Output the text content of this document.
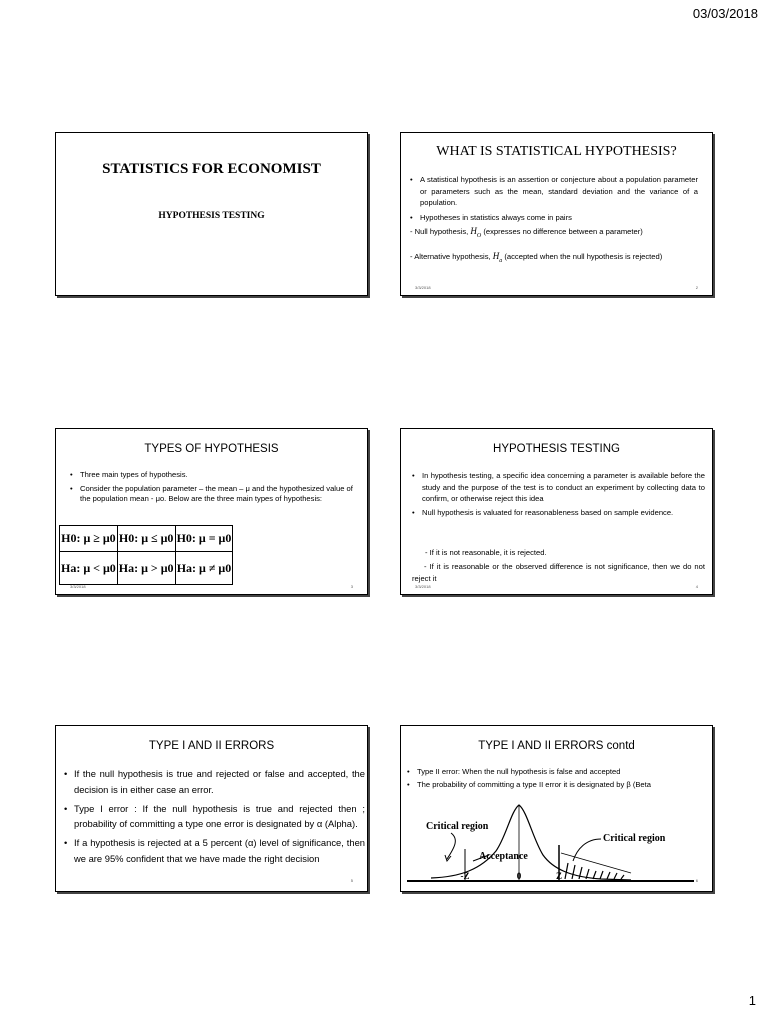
03/03/2018
STATISTICS FOR ECONOMIST
HYPOTHESIS TESTING
WHAT IS STATISTICAL HYPOTHESIS?
• A statistical hypothesis is an assertion or conjecture about a population parameter or parameters such as the mean, standard deviation and the variance of a population.
• Hypotheses in statistics always come in pairs
- Null hypothesis, $H_O$ (expresses no difference between a parameter)
- Alternative hypothesis, $H_a$ (accepted when the null hypothesis is rejected)
3/3/2018	2
TYPES OF HYPOTHESIS
• Three main types of hypothesis.
• Consider the population parameter – the mean – μ and the hypothesized value of the population mean - μo. Below are the three main types of hypothesis:
H0: μ ≥ μ0	H0: μ ≤ μ0	H0: μ = μ0
Ha: μ < μ0	Ha: μ > μ0	Ha: μ ≠ μ0
3/3/2018	3
HYPOTHESIS TESTING
• In hypothesis testing, a specific idea concerning a parameter is available before the study and the purpose of the test is to conduct an experiment by collecting data to confirm, or otherwise reject this idea
• Null hypothesis is valuated for reasonableness based on sample evidence.
- If it is not reasonable, it is rejected.
- If it is reasonable or the observed difference is not significance, then we do not reject it
3/3/2018	4
TYPE I AND II ERRORS
• If the null hypothesis is true and rejected or false and accepted, the decision is in either case an error.
• Type I error : If the null hypothesis is true and rejected then ; probability of committing a type one error is designated by α (Alpha).
• If a hypothesis is rejected at a 5 percent (α) level of significance, then we are 95% confident that we have made the right decision
5
TYPE I AND II ERRORS contd
• Type II error: When the null hypothesis is false and accepted
• The probability of committing a type II error it is designated by β (Beta
Critical region
Acceptance
Critical region
-Z	0	Z	6
1
